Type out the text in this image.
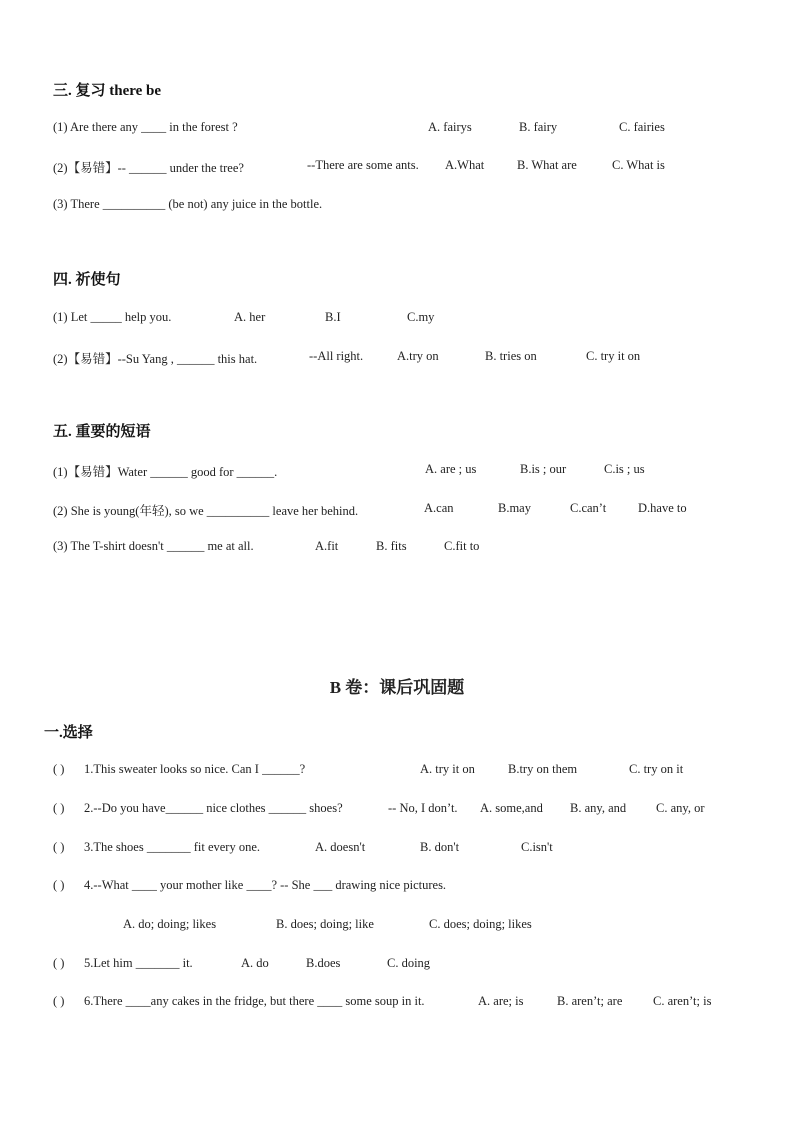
三. 复习 there be
(1) Are there any ____ in the forest ?	A. fairys	B. fairy	C. fairies
(2)【易错】-- ______ under the tree?	--There are some ants. A.What	B. What are	C. What is
(3) There __________ (be not) any juice in the bottle.
四. 祈使句
(1) Let _____ help you.	A. her	B.I	C.my
(2)【易错】--Su Yang , ______ this hat.	--All right.	A.try on	B. tries on	C. try it on
五. 重要的短语
(1)【易错】Water ______ good for ______.	A. are ; us	B.is ; our	C.is ; us
(2) She is young(年轻), so we __________ leave her behind.	A.can	B.may	C.can’t	D.have to
(3) The T-shirt doesn't ______ me at all.	A.fit	B. fits	C.fit to
B 卷：课后巩固题
一.选择
( ) 1.This sweater looks so nice. Can I ______?	A. try it on	B.try on them	C. try on it
( ) 2.--Do you have______ nice clothes ______ shoes?	-- No, I don’t. A. some,and B. any, and C. any, or
( ) 3.The shoes _______ fit every one.	A. doesn't	B. don't	C.isn't
( ) 4.--What ____ your mother like ____? -- She ___ drawing nice pictures.
A. do; doing; likes	B. does; doing; like	C. does; doing; likes
( ) 5.Let him _______ it.	A. do	B.does	C. doing
( ) 6.There ____any cakes in the fridge, but there ____ some soup in it.	A. are; is	B. aren’t; are C. aren’t; is
